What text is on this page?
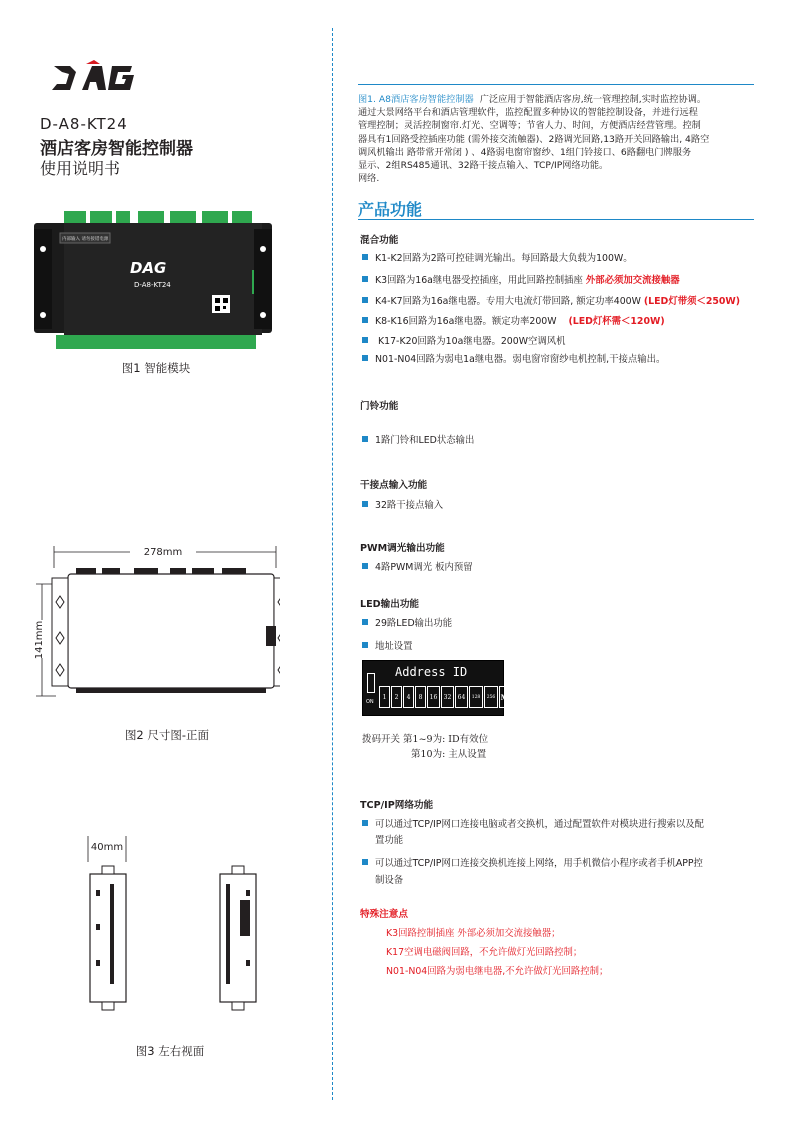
D-A8-KT24
酒店客房智能控制器
使用说明书
内部输入 请勿接错电源
DAG
D-A8-KT24
图1 智能模块
278mm
141mm
图2 尺寸图-正面
40mm
图3 左右视面
图1. A8酒店客房智能控制器 广泛应用于智能酒店客房,统一管理控制,实时监控协调。
通过大景网络平台和酒店管理软件，监控配置多种协议的智能控制设备，并进行远程
管理控制；灵活控制窗帘.灯光、空调等；节省人力、时间，方便酒店经营管理。控制
器具有1回路受控插座功能 (需外接交流触器)、2路调光回路,13路开关回路输出, 4路空
调风机输出 路带常开常闭 ) 、4路弱电窗帘窗纱、1组门铃接口、6路翻电门牌服务
显示、2组RS485通讯、32路干接点输入、TCP/IP网络功能。
网络.
产品功能
混合功能
K1-K2回路为2路可控硅调光输出。每回路最大负载为100W。
K3回路为16a继电器受控插座，用此回路控制插座 外部必须加交流接触器
K4-K7回路为16a继电器。专用大电流灯带回路, 额定功率400W (LED灯带须＜250W)
K8-K16回路为16a继电器。额定功率200W    (LED灯杯需＜120W)
K17-K20回路为10a继电器。200W空调风机
N01-N04回路为弱电1a继电器。弱电窗帘窗纱电机控制,干接点输出。
门铃功能
1路门铃和LED状态输出
干接点输入功能
32路干接点输入
PWM调光输出功能
4路PWM调光 板内预留
LED输出功能
29路LED输出功能
地址设置
Address ID
ON
1	2	4	8	16	32	64	128	256 M
拨码开关 第1~9为: ID有效位
第10为: 主从设置
TCP/IP网络功能
可以通过TCP/IP网口连接电脑或者交换机，通过配置软件对模块进行搜索以及配
置功能
可以通过TCP/IP网口连接交换机连接上网络，用手机微信小程序或者手机APP控
制设备
特殊注意点
K3回路控制插座 外部必须加交流接触器；
K17空调电磁阀回路，不允许做灯光回路控制；
N01-N04回路为弱电继电器,不允许做灯光回路控制；
